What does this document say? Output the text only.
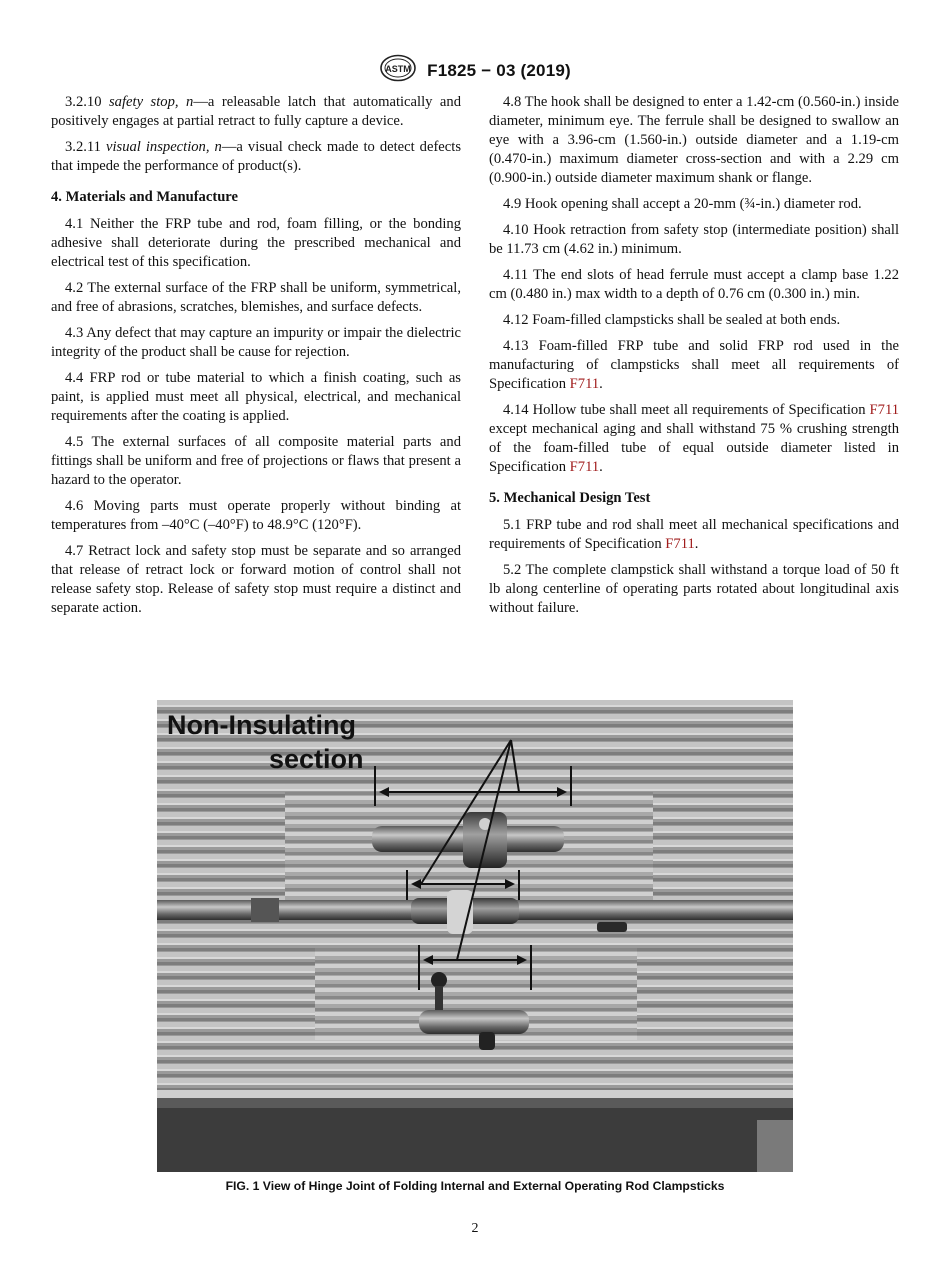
ASTM F1825 − 03 (2019)

3.2.10 safety stop, n—a releasable latch that automatically and positively engages at partial retract to fully capture a device.

3.2.11 visual inspection, n—a visual check made to detect defects that impede the performance of product(s).

4. Materials and Manufacture

4.1 Neither the FRP tube and rod, foam filling, or the bonding adhesive shall deteriorate during the prescribed mechanical and electrical test of this specification.

4.2 The external surface of the FRP shall be uniform, symmetrical, and free of abrasions, scratches, blemishes, and surface defects.

4.3 Any defect that may capture an impurity or impair the dielectric integrity of the product shall be cause for rejection.

4.4 FRP rod or tube material to which a finish coating, such as paint, is applied must meet all physical, electrical, and mechanical requirements after the coating is applied.

4.5 The external surfaces of all composite material parts and fittings shall be uniform and free of projections or flaws that present a hazard to the operator.

4.6 Moving parts must operate properly without binding at temperatures from –40°C (–40°F) to 48.9°C (120°F).

4.7 Retract lock and safety stop must be separate and so arranged that release of retract lock or forward motion of control shall not release safety stop. Release of safety stop must require a distinct and separate action.

4.8 The hook shall be designed to enter a 1.42-cm (0.560-in.) inside diameter, minimum eye. The ferrule shall be designed to swallow an eye with a 3.96-cm (1.560-in.) outside diameter and a 1.19-cm (0.470-in.) maximum diameter cross-section and with a 2.29 cm (0.900-in.) outside diameter maximum shank or flange.

4.9 Hook opening shall accept a 20-mm (¾-in.) diameter rod.

4.10 Hook retraction from safety stop (intermediate position) shall be 11.73 cm (4.62 in.) minimum.

4.11 The end slots of head ferrule must accept a clamp base 1.22 cm (0.480 in.) max width to a depth of 0.76 cm (0.300 in.) min.

4.12 Foam-filled clampsticks shall be sealed at both ends.

4.13 Foam-filled FRP tube and solid FRP rod used in the manufacturing of clampsticks shall meet all requirements of Specification F711.

4.14 Hollow tube shall meet all requirements of Specification F711 except mechanical aging and shall withstand 75 % crushing strength of the foam-filled tube of equal outside diameter listed in Specification F711.

5. Mechanical Design Test

5.1 FRP tube and rod shall meet all mechanical specifications and requirements of Specification F711.

5.2 The complete clampstick shall withstand a torque load of 50 ft lb along centerline of operating parts rotated about longitudinal axis without failure.

Non-Insulating
section
FIG. 1 View of Hinge Joint of Folding Internal and External Operating Rod Clampsticks
2
